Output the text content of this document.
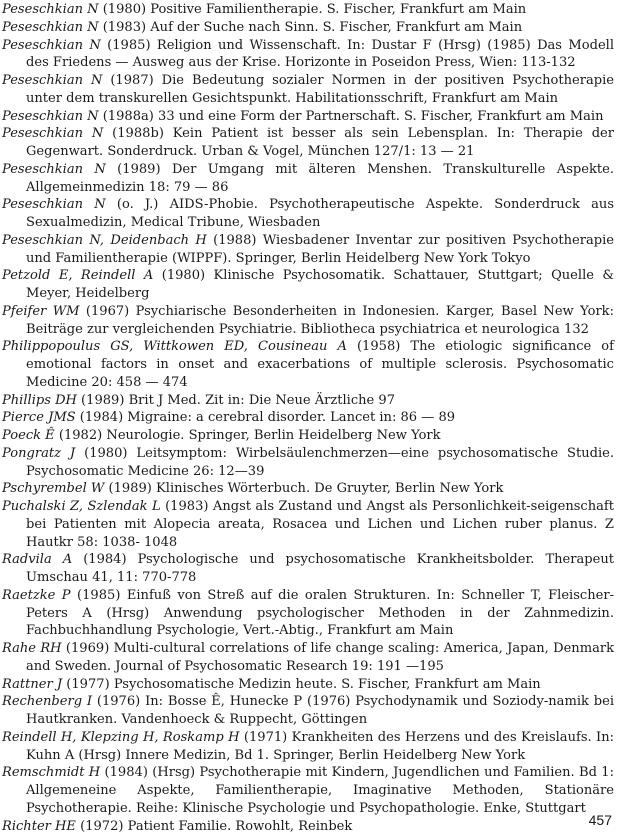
Peseschkian N (1980) Positive Familientherapie. S. Fischer, Frankfurt am Main
Peseschkian N (1983) Auf der Suche nach Sinn. S. Fischer, Frankfurt am Main
Peseschkian N (1985) Religion und Wissenschaft. In: Dustar F (Hrsg) (1985) Das Modell des Friedens — Ausweg aus der Krise. Horizonte in Poseidon Press, Wien: 113-132
Peseschkian N (1987) Die Bedeutung sozialer Normen in der positiven Psychotherapie unter dem transkurellen Gesichtspunkt. Habilitationsschrift, Frankfurt am Main
Peseschkian N (1988a) 33 und eine Form der Partnerschaft. S. Fischer, Frankfurt am Main
Peseschkian N (1988b) Kein Patient ist besser als sein Lebensplan. In: Therapie der Gegenwart. Sonderdruck. Urban & Vogel, München 127/1: 13 — 21
Peseschkian N (1989) Der Umgang mit älteren Menshen. Transkulturelle Aspekte. Allgemeinmedizin 18: 79 — 86
Peseschkian N (o. J.) AIDS-Phobie. Psychotherapeutische Aspekte. Sonderdruck aus Sexualmedizin, Medical Tribune, Wiesbaden
Peseschkian N, Deidenbach H (1988) Wiesbadener Inventar zur positiven Psychotherapie und Familientherapie (WIPPF). Springer, Berlin Heidelberg New York Tokyo
Petzold E, Reindell A (1980) Klinische Psychosomatik. Schattauer, Stuttgart; Quelle & Meyer, Heidelberg
Pfeifer WM (1967) Psychiarische Besonderheiten in Indonesien. Karger, Basel New York: Beiträge zur vergleichenden Psychiatrie. Bibliotheca psychiatrica et neurologica 132
Philippopoulus GS, Wittkowen ED, Cousineau A (1958) The etiologic significance of emotional factors in onset and exacerbations of multiple sclerosis. Psychosomatic Medicine 20: 458 — 474
Phillips DH (1989) Brit J Med. Zit in: Die Neue Ärztliche 97
Pierce JMS (1984) Migraine: a cerebral disorder. Lancet in: 86 — 89
Poeck Ê (1982) Neurologie. Springer, Berlin Heidelberg New York
Pongratz J (1980) Leitsymptom: Wirbelsäulenchmerzen—eine psychosomatische Studie. Psychosomatic Medicine 26: 12—39
Pschyrembel W (1989) Klinisches Wörterbuch. De Gruyter, Berlin New York
Puchalski Z, Szlendak L (1983) Angst als Zustand und Angst als Personlichkeit-seigenschaft bei Patienten mit Alopecia areata, Rosacea und Lichen und Lichen ruber planus. Z Hautkr 58: 1038- 1048
Radvila A (1984) Psychologische und psychosomatische Krankheitsbolder. Therapeut Umschau 41, 11: 770-778
Raetzke P (1985) Einfuß von Streß auf die oralen Strukturen. In: Schneller T, Fleischer-Peters A (Hrsg) Anwendung psychologischer Methoden in der Zahnmedizin. Fachbuchhandlung Psychologie, Vert.-Abtig., Frankfurt am Main
Rahe RH (1969) Multi-cultural correlations of life change scaling: America, Japan, Denmark and Sweden. Journal of Psychosomatic Research 19: 191 —195
Rattner J (1977) Psychosomatische Medizin heute. S. Fischer, Frankfurt am Main
Rechenberg I (1976) In: Bosse Ê, Hunecke P (1976) Psychodynamik und Soziody-namik bei Hautkranken. Vandenhoeck & Ruppecht, Göttingen
Reindell H, Klepzing H, Roskamp H (1971) Krankheiten des Herzens und des Kreislaufs. In: Kuhn A (Hrsg) Innere Medizin, Bd 1. Springer, Berlin Heidelberg New York
Remschmidt H (1984) (Hrsg) Psychotherapie mit Kindern, Jugendlichen und Familien. Bd 1: Allgemeneine Aspekte, Familientherapie, Imaginative Methoden, Stationäre Psychotherapie. Reihe: Klinische Psychologie und Psychopathologie. Enke, Stuttgart
Richter HE (1972) Patient Familie. Rowohlt, Reinbek	457
